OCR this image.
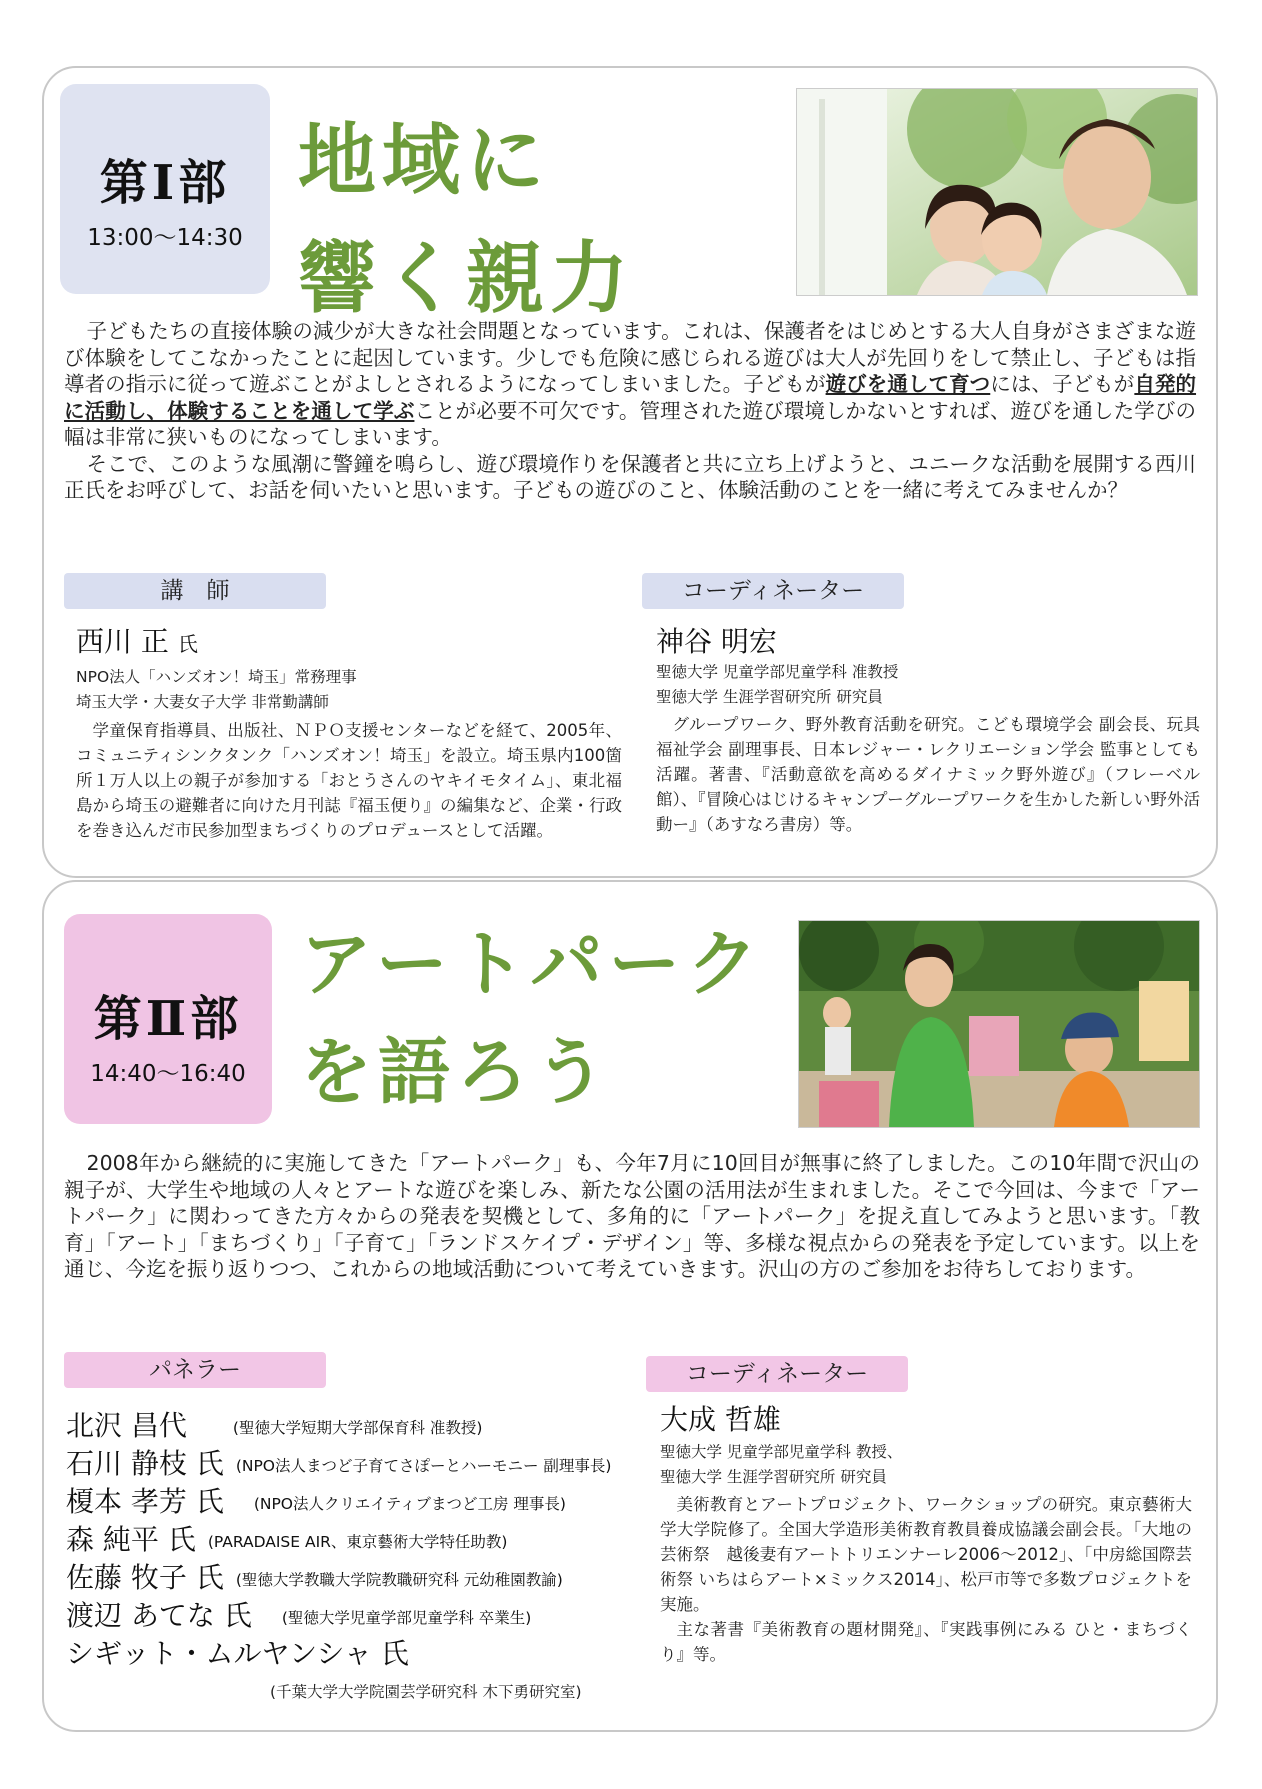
第Ⅰ部
13:00〜14:30
地域に
響く親力

子どもたちの直接体験の減少が大きな社会問題となっています。これは、保護者をはじめとする大人自身がさまざまな遊び体験をしてこなかったことに起因しています。少しでも危険に感じられる遊びは大人が先回りをして禁止し、子どもは指導者の指示に従って遊ぶことがよしとされるようになってしまいました。子どもが遊びを通して育つには、子どもが自発的に活動し、体験することを通して学ぶことが必要不可欠です。管理された遊び環境しかないとすれば、遊びを通した学びの幅は非常に狭いものになってしまいます。

そこで、このような風潮に警鐘を鳴らし、遊び環境作りを保護者と共に立ち上げようと、ユニークな活動を展開する西川正氏をお呼びして、お話を伺いたいと思います。子どもの遊びのこと、体験活動のことを一緒に考えてみませんか？

講　師	コーディネーター
西川 正 氏
NPO法人「ハンズオン！埼玉」常務理事
埼玉大学・大妻女子大学 非常勤講師

学童保育指導員、出版社、ＮＰＯ支援センターなどを経て、2005年、コミュニティシンクタンク「ハンズオン！埼玉」を設立。埼玉県内100箇所１万人以上の親子が参加する「おとうさんのヤキイモタイム」、東北福島から埼玉の避難者に向けた月刊誌『福玉便り』の編集など、企業・行政を巻き込んだ市民参加型まちづくりのプロデュースとして活躍。

神谷 明宏
聖徳大学 児童学部児童学科 准教授
聖徳大学 生涯学習研究所 研究員

グループワーク、野外教育活動を研究。こども環境学会 副会長、玩具福祉学会 副理事長、日本レジャー・レクリエーション学会 監事としても活躍。著書、『活動意欲を高めるダイナミック野外遊び』（フレーベル館）、『冒険心はじけるキャンプーグループワークを生かした新しい野外活動ー』（あすなろ書房）等。

第Ⅱ部
14:40〜16:40
アートパーク
を語ろう

2008年から継続的に実施してきた「アートパーク」も、今年7月に10回目が無事に終了しました。この10年間で沢山の親子が、大学生や地域の人々とアートな遊びを楽しみ、新たな公園の活用法が生まれました。そこで今回は、今まで「アートパーク」に関わってきた方々からの発表を契機として、多角的に「アートパーク」を捉え直してみようと思います。「教育」「アート」「まちづくり」「子育て」「ランドスケイプ・デザイン」等、多様な視点からの発表を予定しています。以上を通じ、今迄を振り返りつつ、これからの地域活動について考えていきます。沢山の方のご参加をお待ちしております。

パネラー	コーディネーター
北沢 昌代	(聖徳大学短期大学部保育科 准教授)
石川 静枝 氏 (NPO法人まつど子育てさぽーとハーモニー 副理事長)
榎本 孝芳 氏 (NPO法人クリエイティブまつど工房 理事長)
森 純平 氏 (PARADAISE AIR、東京藝術大学特任助教)
佐藤 牧子 氏 (聖徳大学教職大学院教職研究科 元幼稚園教諭)
渡辺 あてな 氏 (聖徳大学児童学部児童学科 卒業生)
シギット・ムルヤンシャ 氏
(千葉大学大学院園芸学研究科 木下勇研究室)
大成 哲雄
聖徳大学 児童学部児童学科 教授、
聖徳大学 生涯学習研究所 研究員

美術教育とアートプロジェクト、ワークショップの研究。東京藝術大学大学院修了。全国大学造形美術教育教員養成協議会副会長。「大地の芸術祭　越後妻有アートトリエンナーレ2006〜2012」、「中房総国際芸術祭 いちはらアート×ミックス2014」、松戸市等で多数プロジェクトを実施。

主な著書『美術教育の題材開発』、『実践事例にみる ひと・まちづくり』等。
